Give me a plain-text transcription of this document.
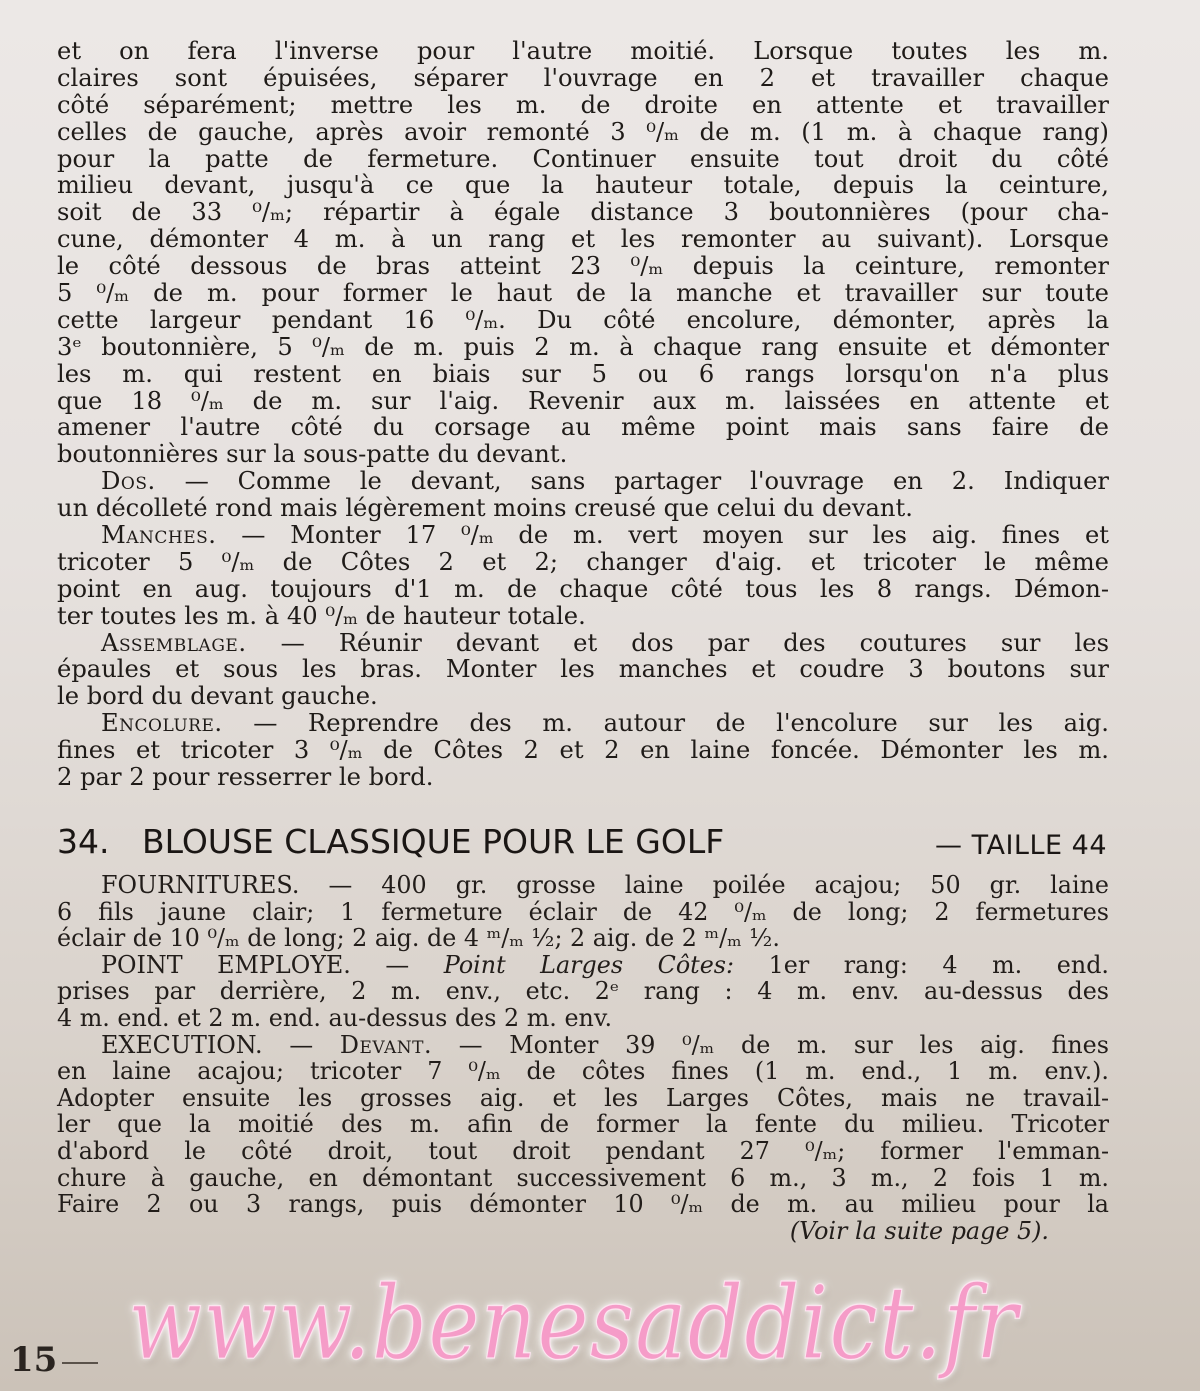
et on fera l'inverse pour l'autre moitié. Lorsque toutes les m.
claires sont épuisées, séparer l'ouvrage en 2 et travailler chaque
côté séparément; mettre les m. de droite en attente et travailler
celles de gauche, après avoir remonté 3 ⁰/ₘ de m. (1 m. à chaque rang)
pour la patte de fermeture. Continuer ensuite tout droit du côté
milieu devant, jusqu'à ce que la hauteur totale, depuis la ceinture,
soit de 33 ⁰/ₘ; répartir à égale distance 3 boutonnières (pour cha-
cune, démonter 4 m. à un rang et les remonter au suivant). Lorsque
le côté dessous de bras atteint 23 ⁰/ₘ depuis la ceinture, remonter
5 ⁰/ₘ de m. pour former le haut de la manche et travailler sur toute
cette largeur pendant 16 ⁰/ₘ. Du côté encolure, démonter, après la
3ᵉ boutonnière, 5 ⁰/ₘ de m. puis 2 m. à chaque rang ensuite et démonter
les m. qui restent en biais sur 5 ou 6 rangs lorsqu'on n'a plus
que 18 ⁰/ₘ de m. sur l'aig. Revenir aux m. laissées en attente et
amener l'autre côté du corsage au même point mais sans faire de
boutonnières sur la sous-patte du devant.
Dos. — Comme le devant, sans partager l'ouvrage en 2. Indiquer
un décolleté rond mais légèrement moins creusé que celui du devant.
Manches. — Monter 17 ⁰/ₘ de m. vert moyen sur les aig. fines et
tricoter 5 ⁰/ₘ de Côtes 2 et 2; changer d'aig. et tricoter le même
point en aug. toujours d'1 m. de chaque côté tous les 8 rangs. Démon-
ter toutes les m. à 40 ⁰/ₘ de hauteur totale.
Assemblage. — Réunir devant et dos par des coutures sur les
épaules et sous les bras. Monter les manches et coudre 3 boutons sur
le bord du devant gauche.
Encolure. — Reprendre des m. autour de l'encolure sur les aig.
fines et tricoter 3 ⁰/ₘ de Côtes 2 et 2 en laine foncée. Démonter les m.
2 par 2 pour resserrer le bord.
34. BLOUSE CLASSIQUE POUR LE GOLF	— TAILLE 44
FOURNITURES. — 400 gr. grosse laine poilée acajou; 50 gr. laine
6 fils jaune clair; 1 fermeture éclair de 42 ⁰/ₘ de long; 2 fermetures
éclair de 10 ⁰/ₘ de long; 2 aig. de 4 ᵐ/ₘ ½; 2 aig. de 2 ᵐ/ₘ ½.
POINT EMPLOYE. — Point Larges Côtes: 1er rang: 4 m. end.
prises par derrière, 2 m. env., etc. 2ᵉ rang : 4 m. env. au-dessus des
4 m. end. et 2 m. end. au-dessus des 2 m. env.
EXECUTION. — Devant. — Monter 39 ⁰/ₘ de m. sur les aig. fines
en laine acajou; tricoter 7 ⁰/ₘ de côtes fines (1 m. end., 1 m. env.).
Adopter ensuite les grosses aig. et les Larges Côtes, mais ne travail-
ler que la moitié des m. afin de former la fente du milieu. Tricoter
d'abord le côté droit, tout droit pendant 27 ⁰/ₘ; former l'emman-
chure à gauche, en démontant successivement 6 m., 3 m., 2 fois 1 m.
Faire 2 ou 3 rangs, puis démonter 10 ⁰/ₘ de m. au milieu pour la
(Voir la suite page 5).
15 www.benesaddict.fr
